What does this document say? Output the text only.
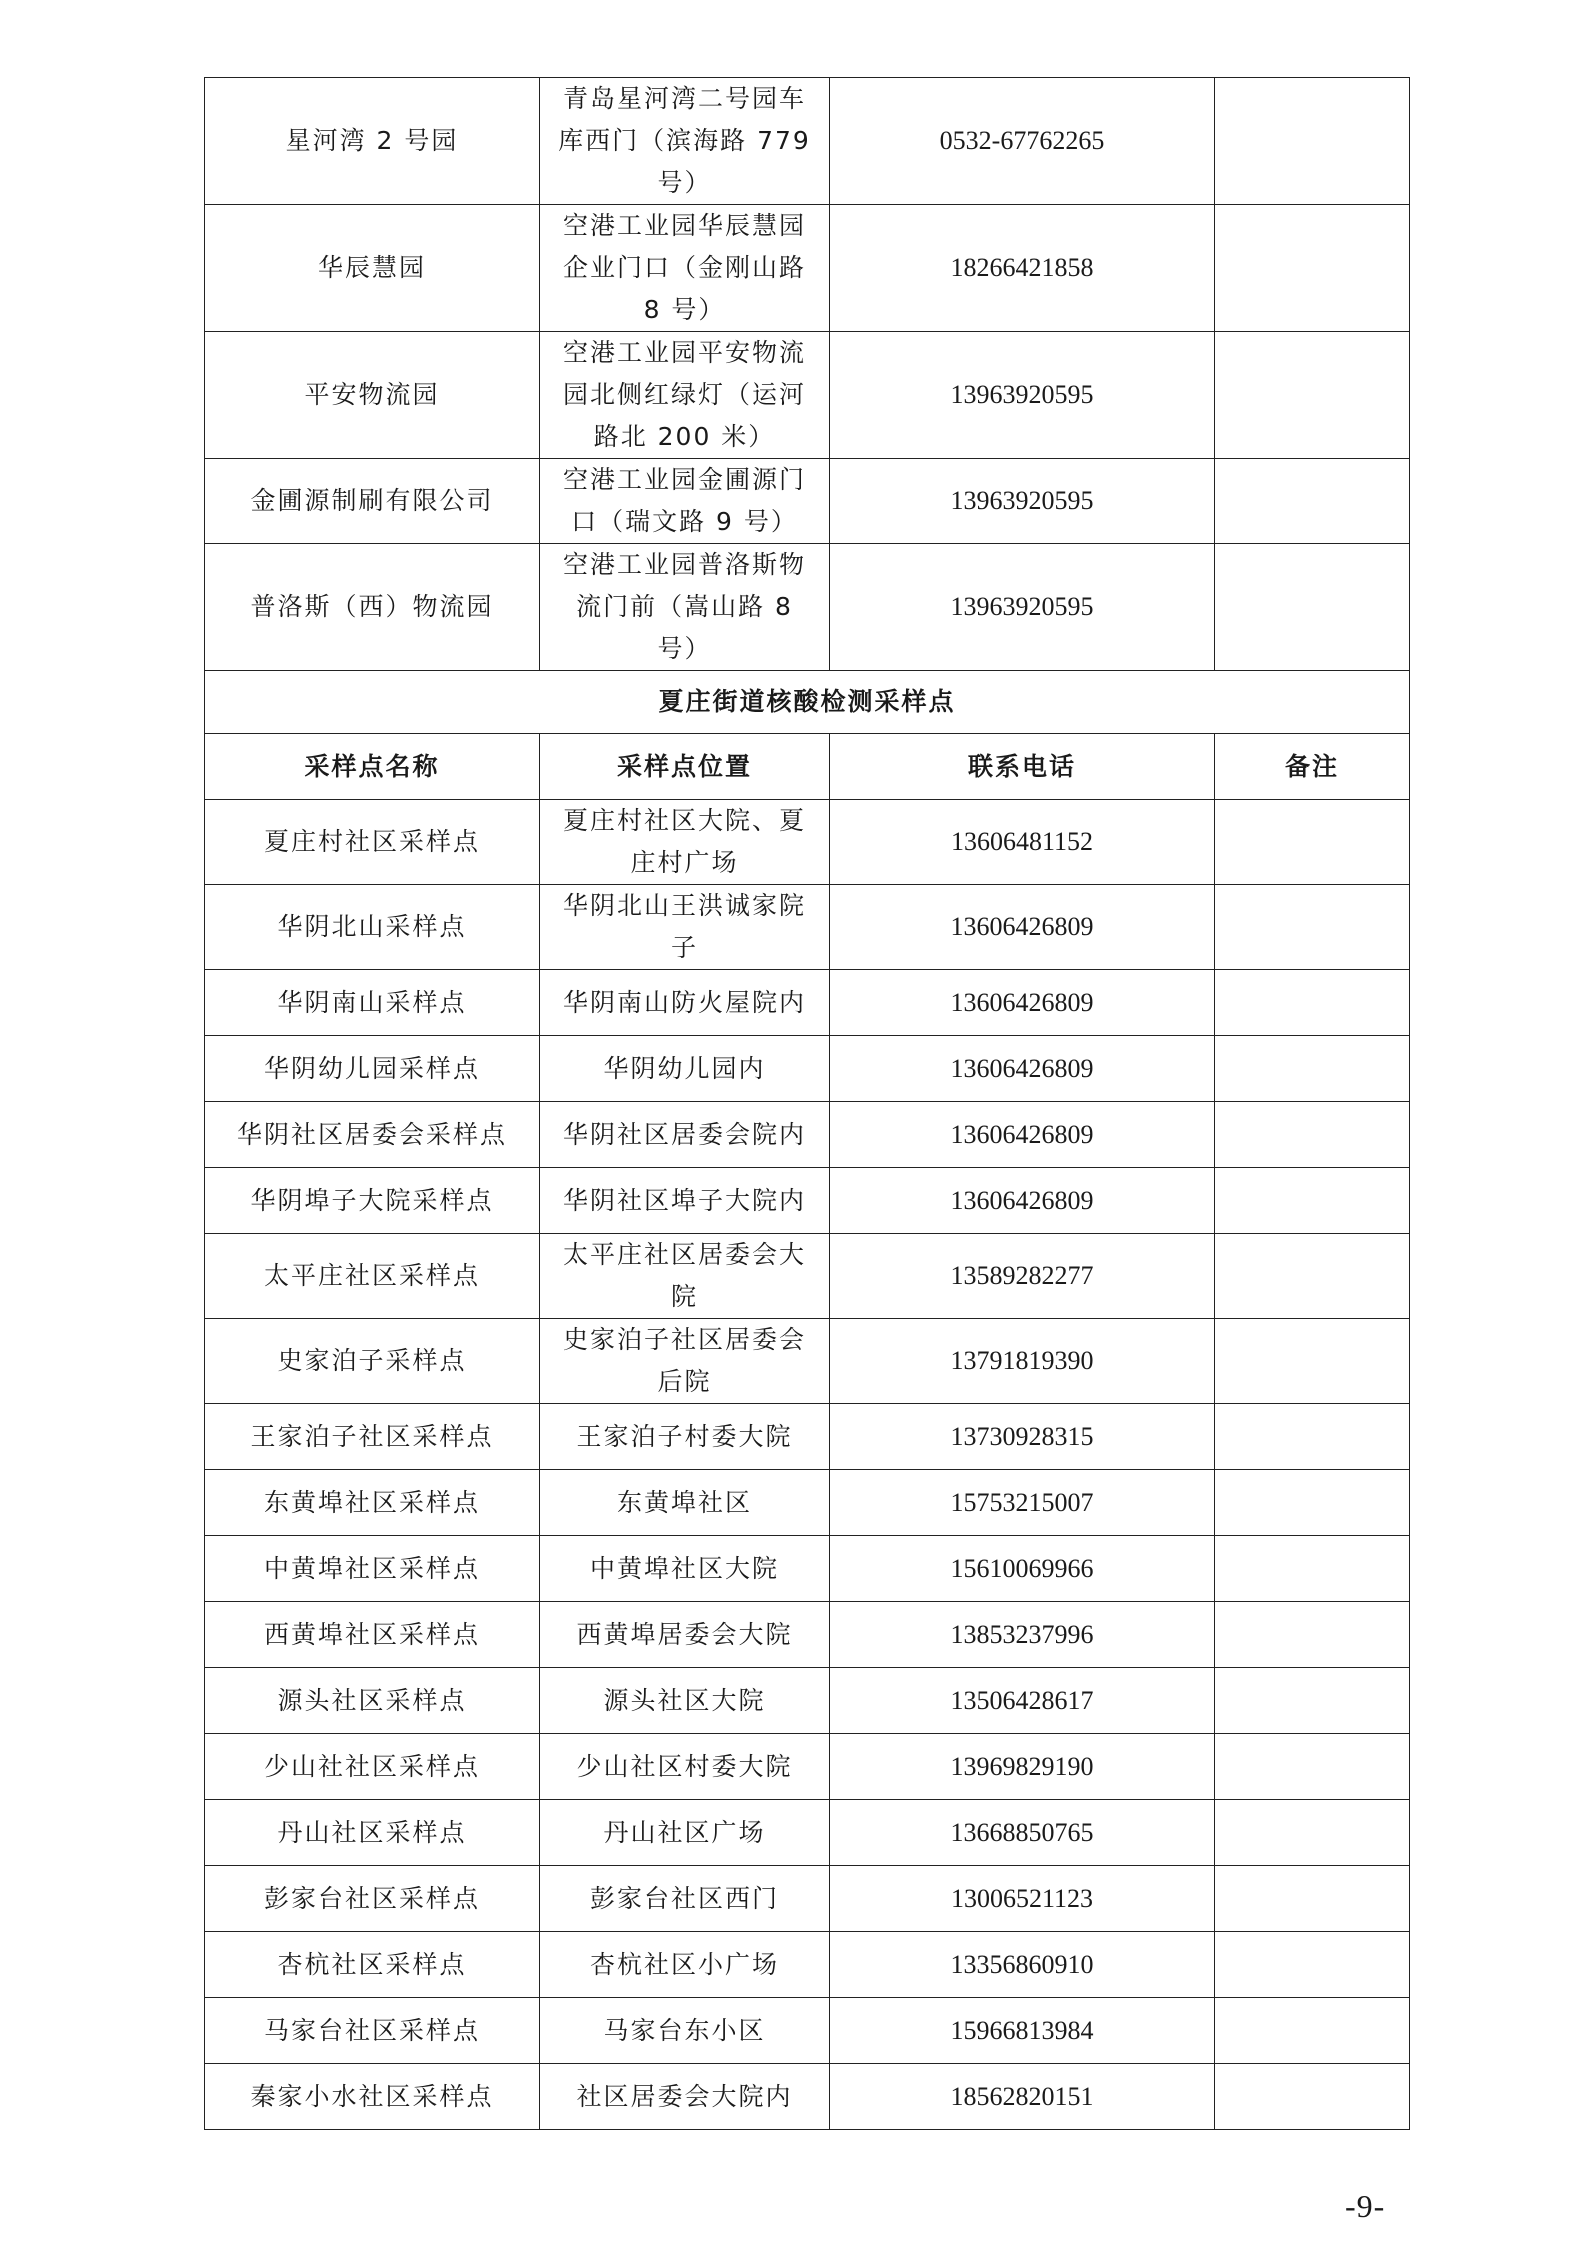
星河湾 2 号园	青岛星河湾二号园车库西门（滨海路 779 号）	0532-67762265	
华辰慧园	空港工业园华辰慧园企业门口（金刚山路 8 号）	18266421858	
平安物流园	空港工业园平安物流园北侧红绿灯（运河路北 200 米）	13963920595	
金圃源制刷有限公司	空港工业园金圃源门口（瑞文路 9 号）	13963920595	
普洛斯（西）物流园	空港工业园普洛斯物流门前（嵩山路 8 号）	13963920595	
夏庄街道核酸检测采样点			
采样点名称	采样点位置	联系电话	备注
夏庄村社区采样点	夏庄村社区大院、夏庄村广场	13606481152	
华阴北山采样点	华阴北山王洪诚家院子	13606426809	
华阴南山采样点	华阴南山防火屋院内	13606426809	
华阴幼儿园采样点	华阴幼儿园内	13606426809	
华阴社区居委会采样点	华阴社区居委会院内	13606426809	
华阴埠子大院采样点	华阴社区埠子大院内	13606426809	
太平庄社区采样点	太平庄社区居委会大院	13589282277	
史家泊子采样点	史家泊子社区居委会后院	13791819390	
王家泊子社区采样点	王家泊子村委大院	13730928315	
东黄埠社区采样点	东黄埠社区	15753215007	
中黄埠社区采样点	中黄埠社区大院	15610069966	
西黄埠社区采样点	西黄埠居委会大院	13853237996	
源头社区采样点	源头社区大院	13506428617	
少山社社区采样点	少山社区村委大院	13969829190	
丹山社区采样点	丹山社区广场	13668850765	
彭家台社区采样点	彭家台社区西门	13006521123	
杏杭社区采样点	杏杭社区小广场	13356860910	
马家台社区采样点	马家台东小区	15966813984	
秦家小水社区采样点	社区居委会大院内	18562820151	
-9-
